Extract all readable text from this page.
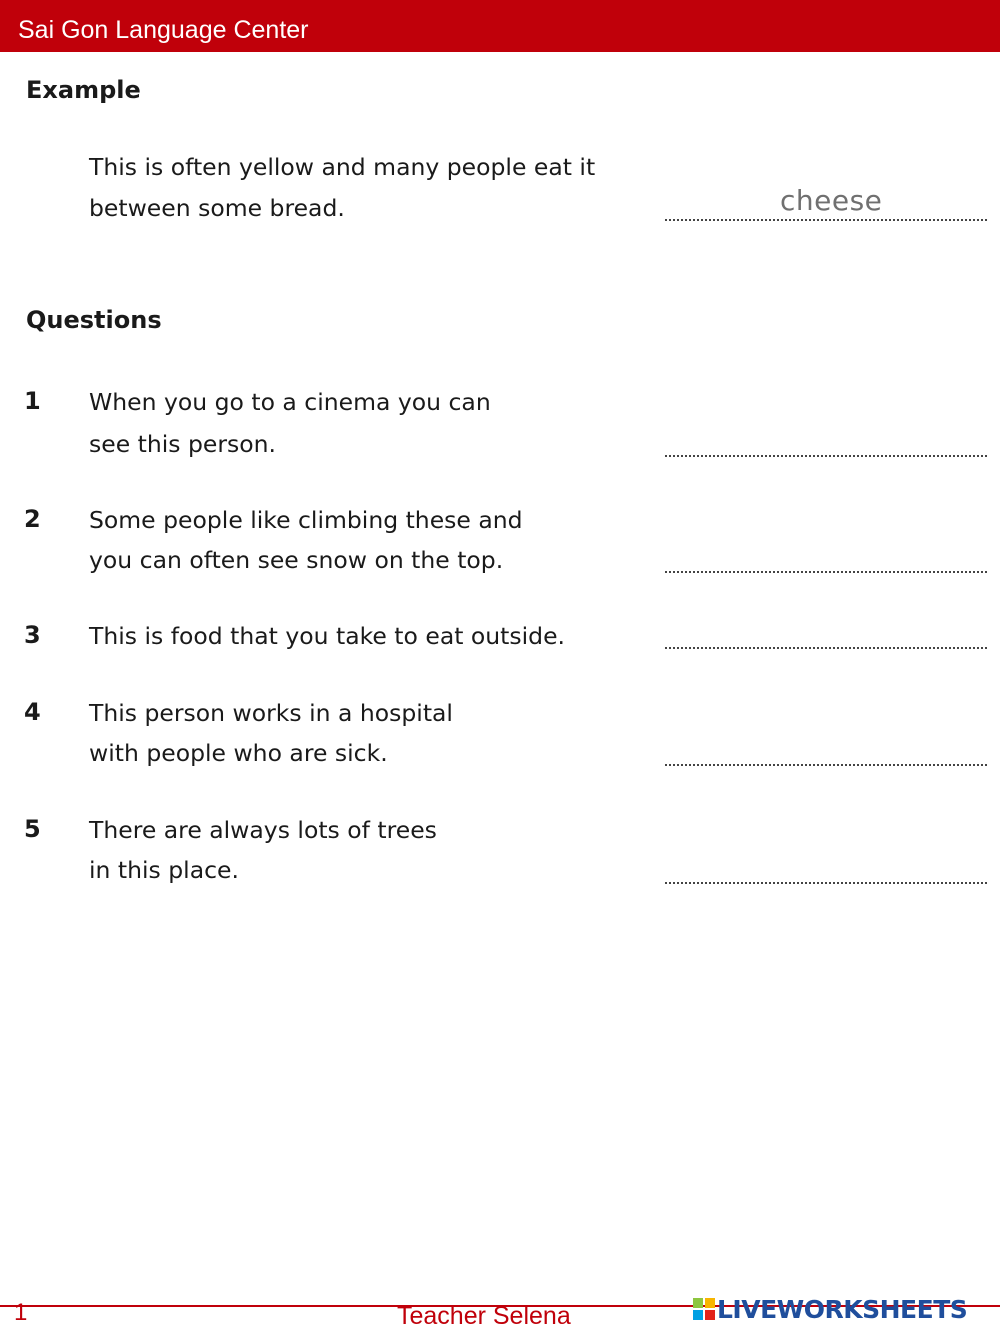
Sai Gon Language Center
Example
This is often yellow and many people eat it
between some bread.	cheese
Questions
1 When you go to a cinema you can
see this person.
2 Some people like climbing these and
you can often see snow on the top.
3 This is food that you take to eat outside.
4 This person works in a hospital
with people who are sick.
5 There are always lots of trees
in this place.
1	Teacher Selena	LIVEWORKSHEETS
